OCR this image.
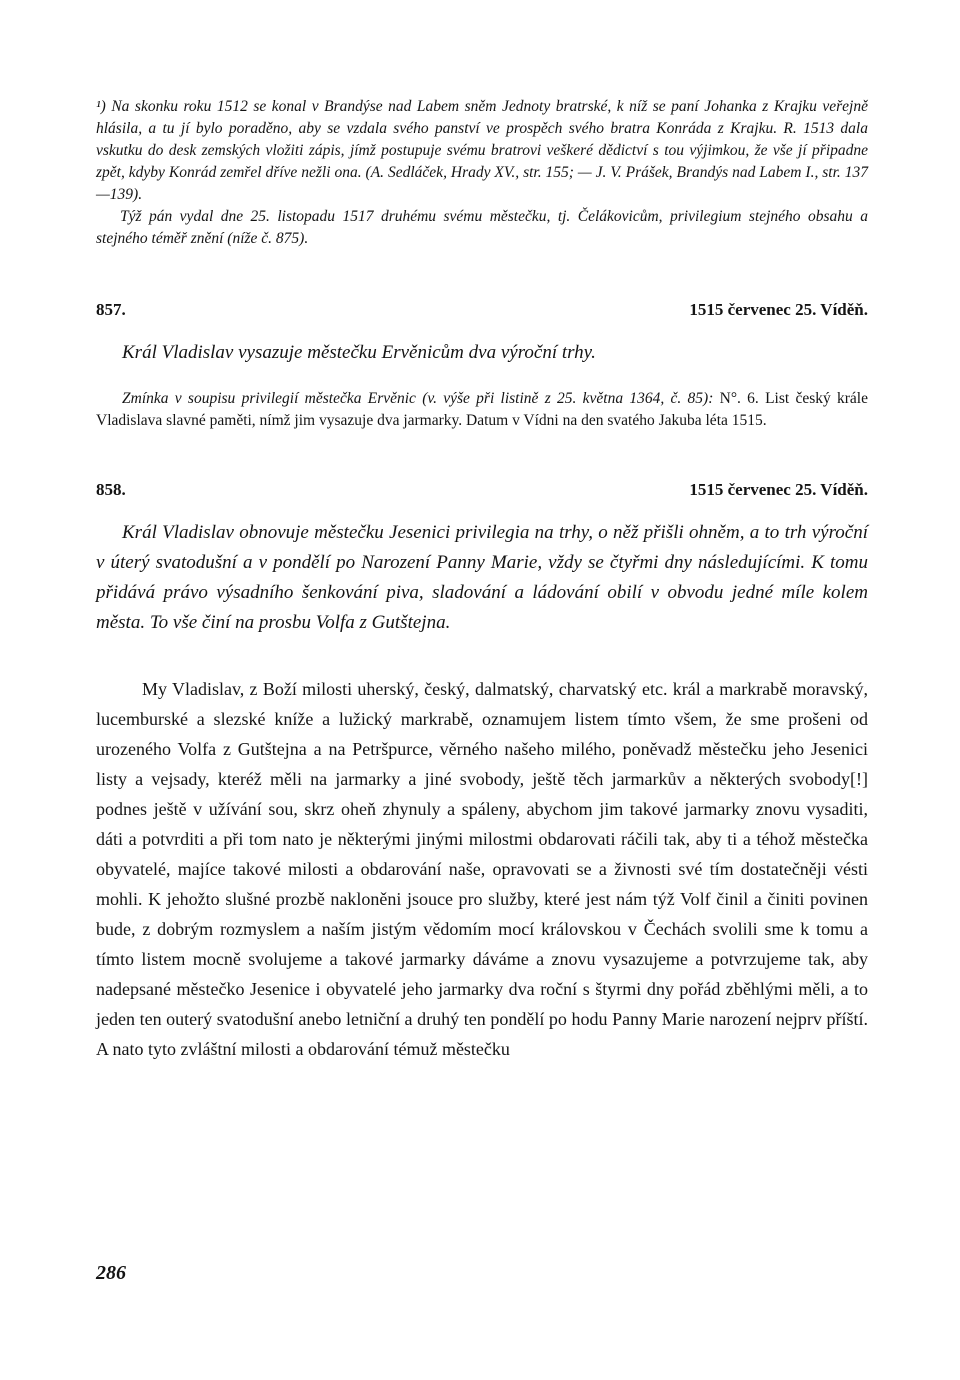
¹) Na skonku roku 1512 se konal v Brandýse nad Labem sněm Jednoty bratrské, k níž se paní Johanka z Krajku veřejně hlásila, a tu jí bylo poraděno, aby se vzdala svého panství ve prospěch svého bratra Konráda z Krajku. R. 1513 dala vskutku do desk zemských vložiti zápis, jímž postupuje svému bratrovi veškeré dědictví s tou výjimkou, že vše jí připadne zpět, kdyby Konrád zemřel dříve nežli ona. (A. Sedláček, Hrady XV., str. 155; — J. V. Prášek, Brandýs nad Labem I., str. 137—139).

Týž pán vydal dne 25. listopadu 1517 druhému svému městečku, tj. Čelákovicům, privilegium stejného obsahu a stejného téměř znění (níže č. 875).

857.	1515 červenec 25. Víděň.

Král Vladislav vysazuje městečku Ervěnicům dva výroční trhy.

Zmínka v soupisu privilegií městečka Ervěnic (v. výše při listině z 25. května 1364, č. 85): N°. 6. List český krále Vladislava slavné paměti, nímž jim vysazuje dva jarmarky. Datum v Vídni na den svatého Jakuba léta 1515.

858.	1515 červenec 25. Víděň.

Král Vladislav obnovuje městečku Jesenici privilegia na trhy, o něž přišli ohněm, a to trh výroční v úterý svatodušní a v pondělí po Narození Panny Marie, vždy se čtyřmi dny následujícími. K tomu přidává právo výsadního šenkování piva, sladování a ládování obilí v obvodu jedné míle kolem města. To vše činí na prosbu Volfa z Gutštejna.

My Vladislav, z Boží milosti uherský, český, dalmatský, charvatský etc. král a markrabě moravský, lucemburské a slezské kníže a lužický markrabě, oznamujem listem tímto všem, že sme prošeni od urozeného Volfa z Gutštejna a na Petršpurce, věrného našeho milého, poněvadž městečku jeho Jesenici listy a vejsady, kteréž měli na jarmarky a jiné svobody, ještě těch jarmarkův a některých svobody[!] podnes ještě v užívání sou, skrz oheň zhynuly a spáleny, abychom jim takové jarmarky znovu vysaditi, dáti a potvrditi a při tom nato je některými jinými milostmi obdarovati ráčili tak, aby ti a téhož městečka obyvatelé, majíce takové milosti a obdarování naše, opravovati se a živnosti své tím dostatečněji vésti mohli. K jehožto slušné prozbě nakloněni jsouce pro služby, které jest nám týž Volf činil a činiti povinen bude, z dobrým rozmyslem a naším jistým vědomím mocí královskou v Čechách svolili sme k tomu a tímto listem mocně svolujeme a takové jarmarky dáváme a znovu vysazujeme a potvrzujeme tak, aby nadepsané městečko Jesenice i obyvatelé jeho jarmarky dva roční s štyrmi dny pořád zběhlými měli, a to jeden ten outerý svatodušní anebo letniční a druhý ten pondělí po hodu Panny Marie narození nejprv příští. A nato tyto zvláštní milosti a obdarování témuž městečku

286
